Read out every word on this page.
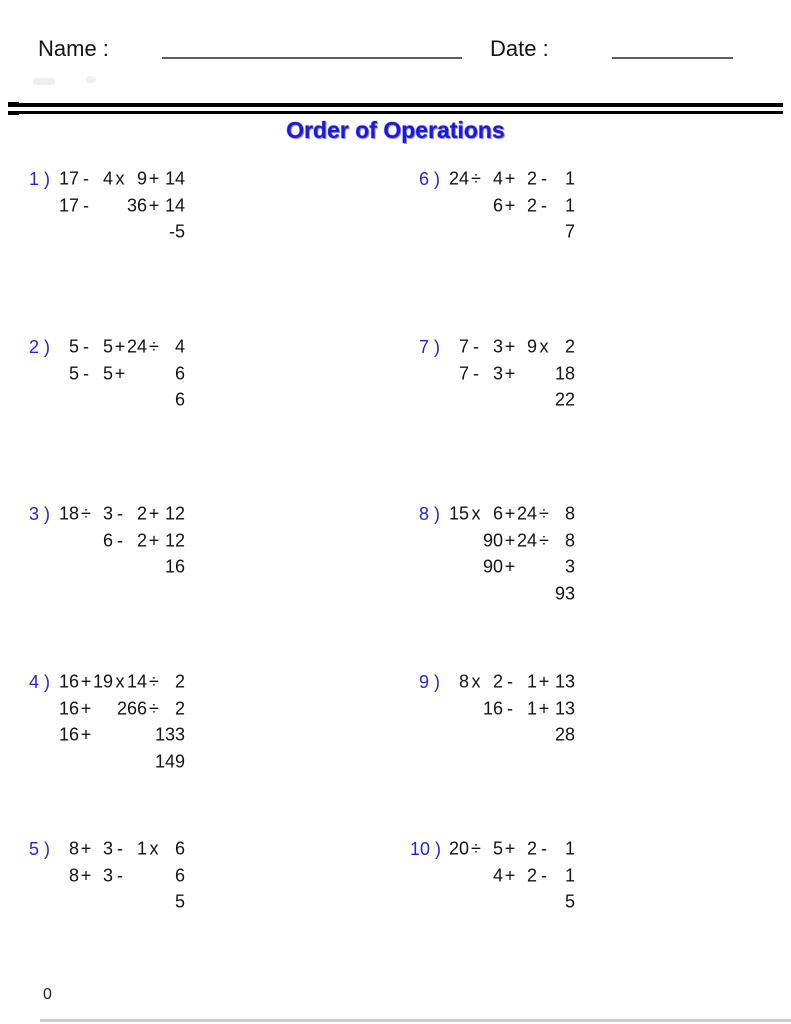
Name :	Date :
Order of Operations
1 ) 17 - 4 x 9 + 14
17 - 36 + 14
-5
2 ) 5 - 5 + 24 ÷ 4
5 - 5 +	6
6
3 ) 18 ÷ 3 - 2 + 12
6 - 2 + 12
16
4 ) 16 + 19 x 14 ÷ 2
16 + 266 ÷ 2
16 +	133
149
5 ) 8 + 3 - 1 x 6
8 + 3 -	6
5
6 ) 24 ÷ 4 + 2 - 1
6 + 2 - 1
7
7 ) 7 - 3 + 9 x 2
7 - 3 + 18
22
8 ) 15 x 6 + 24 ÷ 8
90 + 24 ÷ 8
90 +	3
93
9 ) 8 x 2 - 1 + 13
16 - 1 + 13
28
10 ) 20 ÷ 5 + 2 - 1
4 + 2 - 1
5
0
